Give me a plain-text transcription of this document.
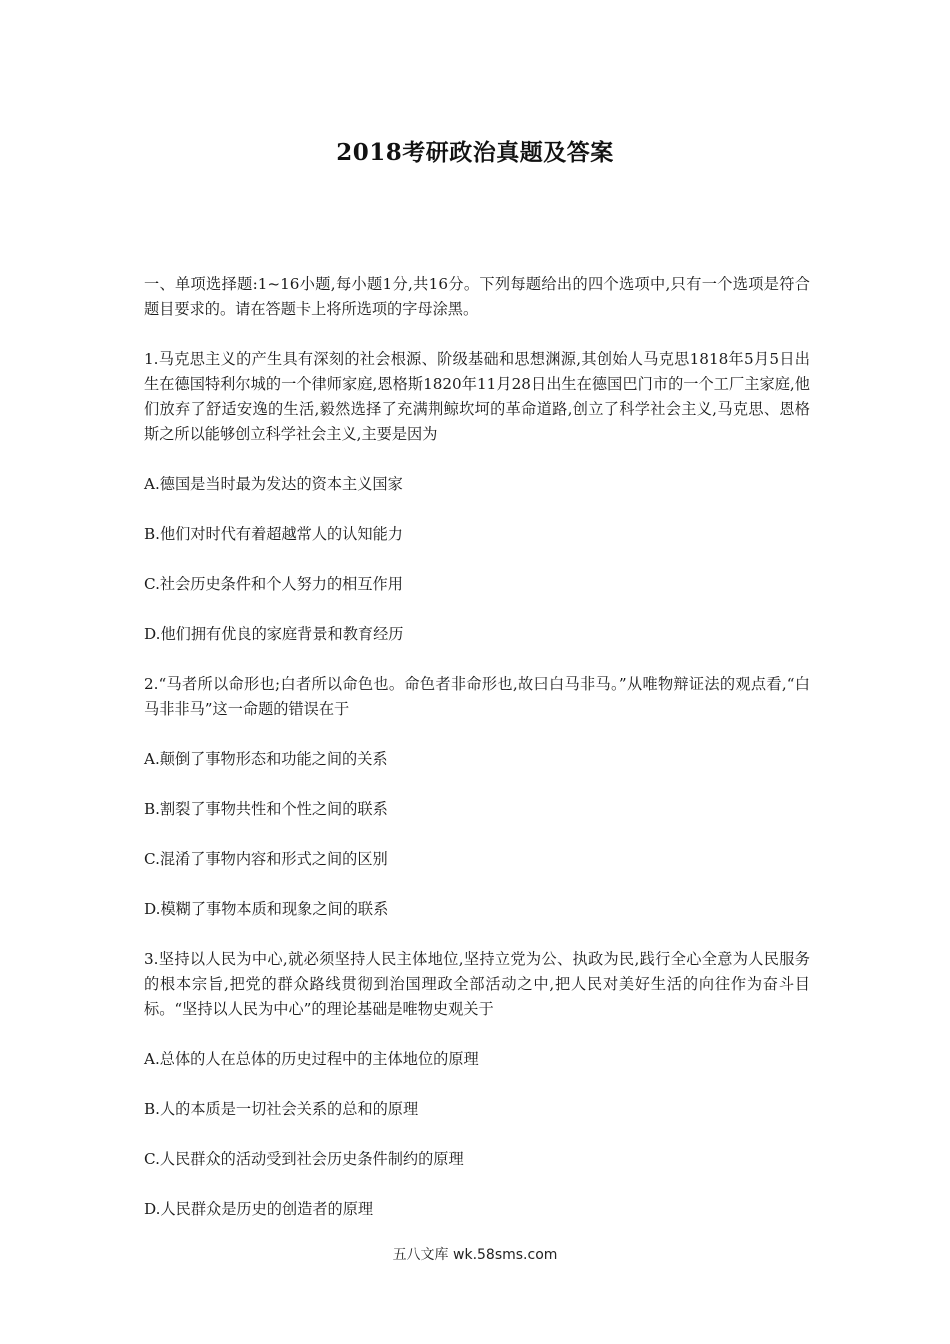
2018考研政治真题及答案

一、单项选择题:1~16小题,每小题1分,共16分。下列每题给出的四个选项中,只有一个选项是符合题目要求的。请在答题卡上将所选项的字母涂黑。

1.马克思主义的产生具有深刻的社会根源、阶级基础和思想渊源,其创始人马克思1818年5月5日出生在德国特利尔城的一个律师家庭,恩格斯1820年11月28日出生在德国巴门市的一个工厂主家庭,他们放弃了舒适安逸的生活,毅然选择了充满荆鲸坎坷的革命道路,创立了科学社会主义,马克思、恩格斯之所以能够创立科学社会主义,主要是因为

A.德国是当时最为发达的资本主义国家

B.他们对时代有着超越常人的认知能力

C.社会历史条件和个人努力的相互作用

D.他们拥有优良的家庭背景和教育经历

2.“马者所以命形也;白者所以命色也。命色者非命形也,故曰白马非马。”从唯物辩证法的观点看,“白马非非马”这一命题的错误在于

A.颠倒了事物形态和功能之间的关系

B.割裂了事物共性和个性之间的联系

C.混淆了事物内容和形式之间的区别

D.模糊了事物本质和现象之间的联系

3.坚持以人民为中心,就必须坚持人民主体地位,坚持立党为公、执政为民,践行全心全意为人民服务的根本宗旨,把党的群众路线贯彻到治国理政全部活动之中,把人民对美好生活的向往作为奋斗目标。“坚持以人民为中心”的理论基础是唯物史观关于

A.总体的人在总体的历史过程中的主体地位的原理

B.人的本质是一切社会关系的总和的原理

C.人民群众的活动受到社会历史条件制约的原理

D.人民群众是历史的创造者的原理

五八文库 wk.58sms.com
